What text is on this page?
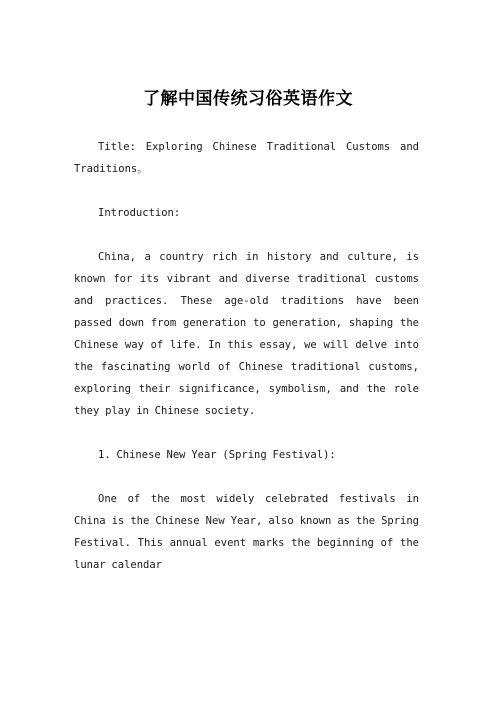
了解中国传统习俗英语作文

Title: Exploring Chinese Traditional Customs and Traditions。

Introduction:

China, a country rich in history and culture, is known for its vibrant and diverse traditional customs and practices. These age-old traditions have been passed down from generation to generation, shaping the Chinese way of life. In this essay, we will delve into the fascinating world of Chinese traditional customs, exploring their significance, symbolism, and the role they play in Chinese society.

1. Chinese New Year (Spring Festival):

One of the most widely celebrated festivals in China is the Chinese New Year, also known as the Spring Festival. This annual event marks the beginning of the lunar calendar
